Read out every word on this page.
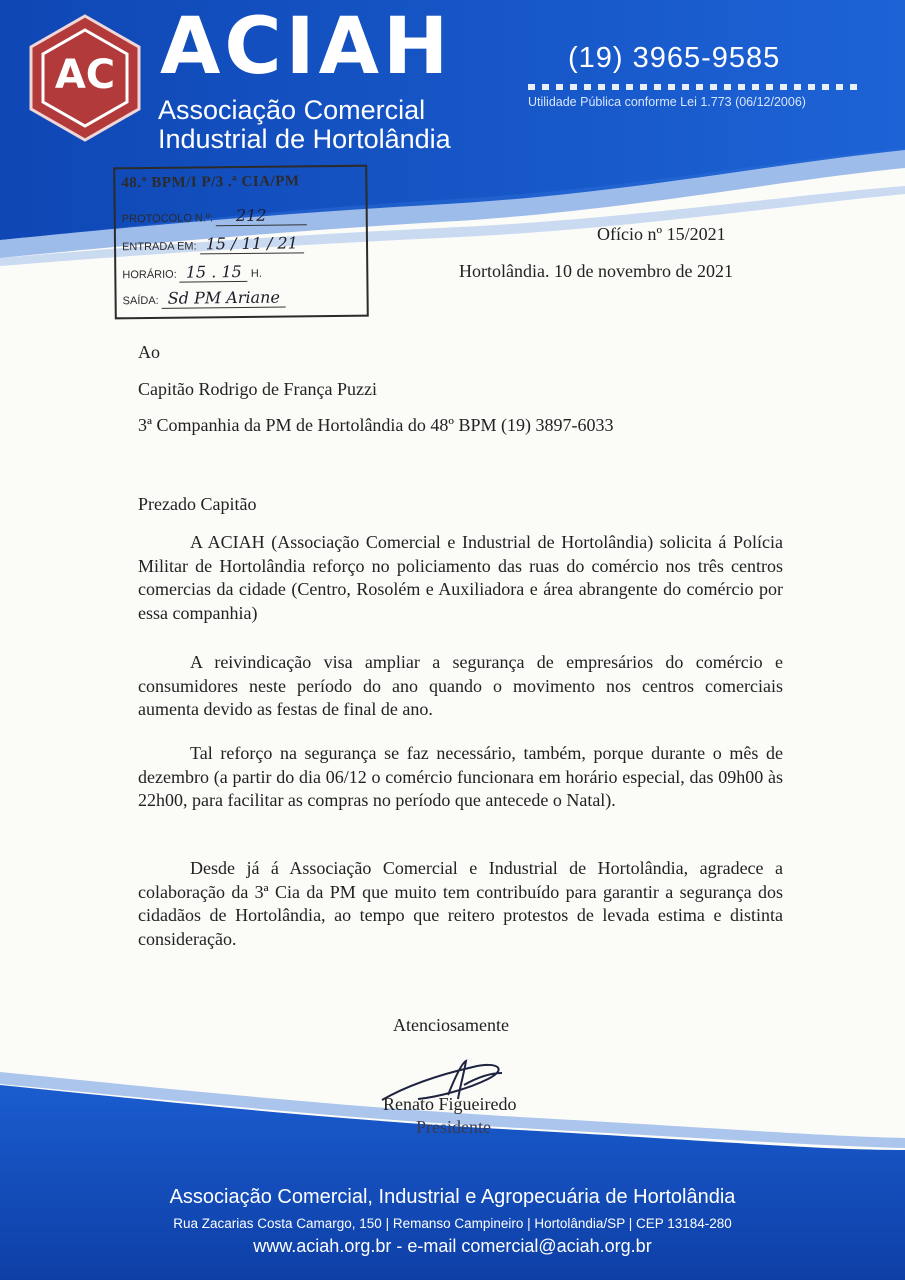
AC ACIAH
Associação Comercial
Industrial de Hortolândia
(19) 3965-9585
Utilidade Pública conforme Lei 1.773 (06/12/2006)
48.º BPM/I P/3 .ª CIA/PM
PROTOCOLO N.º: 212
ENTRADA EM: 15 / 11 / 21
HORÁRIO: 15 . 15 H.
SAÍDA: Sd PM Ariane
Ofício nº 15/2021
Hortolândia. 10 de novembro de 2021
Ao
Capitão Rodrigo de França Puzzi
3ª Companhia da PM de Hortolândia do 48º BPM (19) 3897-6033
Prezado Capitão

A ACIAH (Associação Comercial e Industrial de Hortolândia) solicita á Polícia Militar de Hortolândia reforço no policiamento das ruas do comércio nos três centros comercias da cidade (Centro, Rosolém e Auxiliadora e área abrangente do comércio por essa companhia)

A reivindicação visa ampliar a segurança de empresários do comércio e consumidores neste período do ano quando o movimento nos centros comerciais aumenta devido as festas de final de ano.

Tal reforço na segurança se faz necessário, também, porque durante o mês de dezembro (a partir do dia 06/12 o comércio funcionara em horário especial, das 09h00 às 22h00, para facilitar as compras no período que antecede o Natal).

Desde já á Associação Comercial e Industrial de Hortolândia, agradece a colaboração da 3ª Cia da PM que muito tem contribuído para garantir a segurança dos cidadãos de Hortolândia, ao tempo que reitero protestos de levada estima e distinta consideração.

Atenciosamente
Renato Figueiredo
Presidente
Associação Comercial, Industrial e Agropecuária de Hortolândia
Rua Zacarias Costa Camargo, 150 | Remanso Campineiro | Hortolândia/SP | CEP 13184-280
www.aciah.org.br - e-mail comercial@aciah.org.br
